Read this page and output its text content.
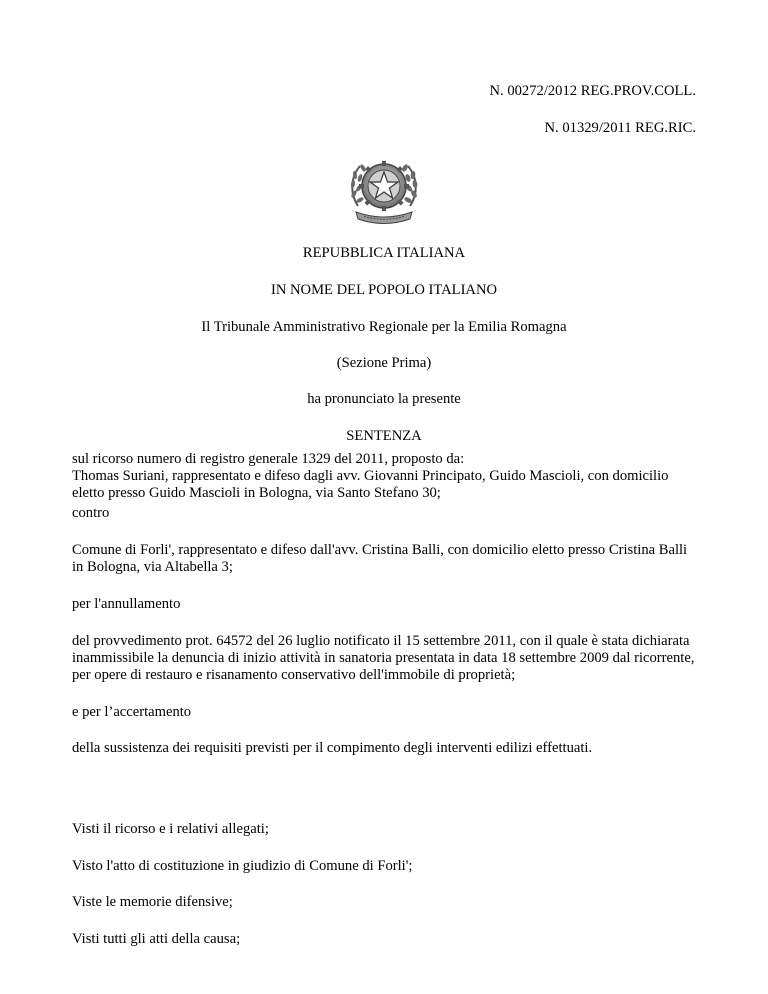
N. 00272/2012 REG.PROV.COLL.
N. 01329/2011 REG.RIC.
REPUBBLICA ITALIANA
IN NOME DEL POPOLO ITALIANO
Il Tribunale Amministrativo Regionale per la Emilia Romagna
(Sezione Prima)
ha pronunciato la presente
SENTENZA

sul ricorso numero di registro generale 1329 del 2011, proposto da:

Thomas Suriani, rappresentato e difeso dagli avv. Giovanni Principato, Guido Mascioli, con domicilio eletto presso Guido Mascioli in Bologna, via Santo Stefano 30;

contro
Comune di Forli', rappresentato e difeso dall'avv. Cristina Balli, con domicilio eletto presso Cristina Balli in Bologna, via Altabella 3;
per l'annullamento
del provvedimento prot. 64572 del 26 luglio notificato il 15 settembre 2011, con il quale è stata dichiarata inammissibile la denuncia di inizio attività in sanatoria presentata in data 18 settembre 2009 dal ricorrente, per opere di restauro e risanamento conservativo dell'immobile di proprietà;
e per l’accertamento
della sussistenza dei requisiti previsti per il compimento degli interventi edilizi effettuati.
Visti il ricorso e i relativi allegati;
Visto l'atto di costituzione in giudizio di Comune di Forli';
Viste le memorie difensive;
Visti tutti gli atti della causa;
